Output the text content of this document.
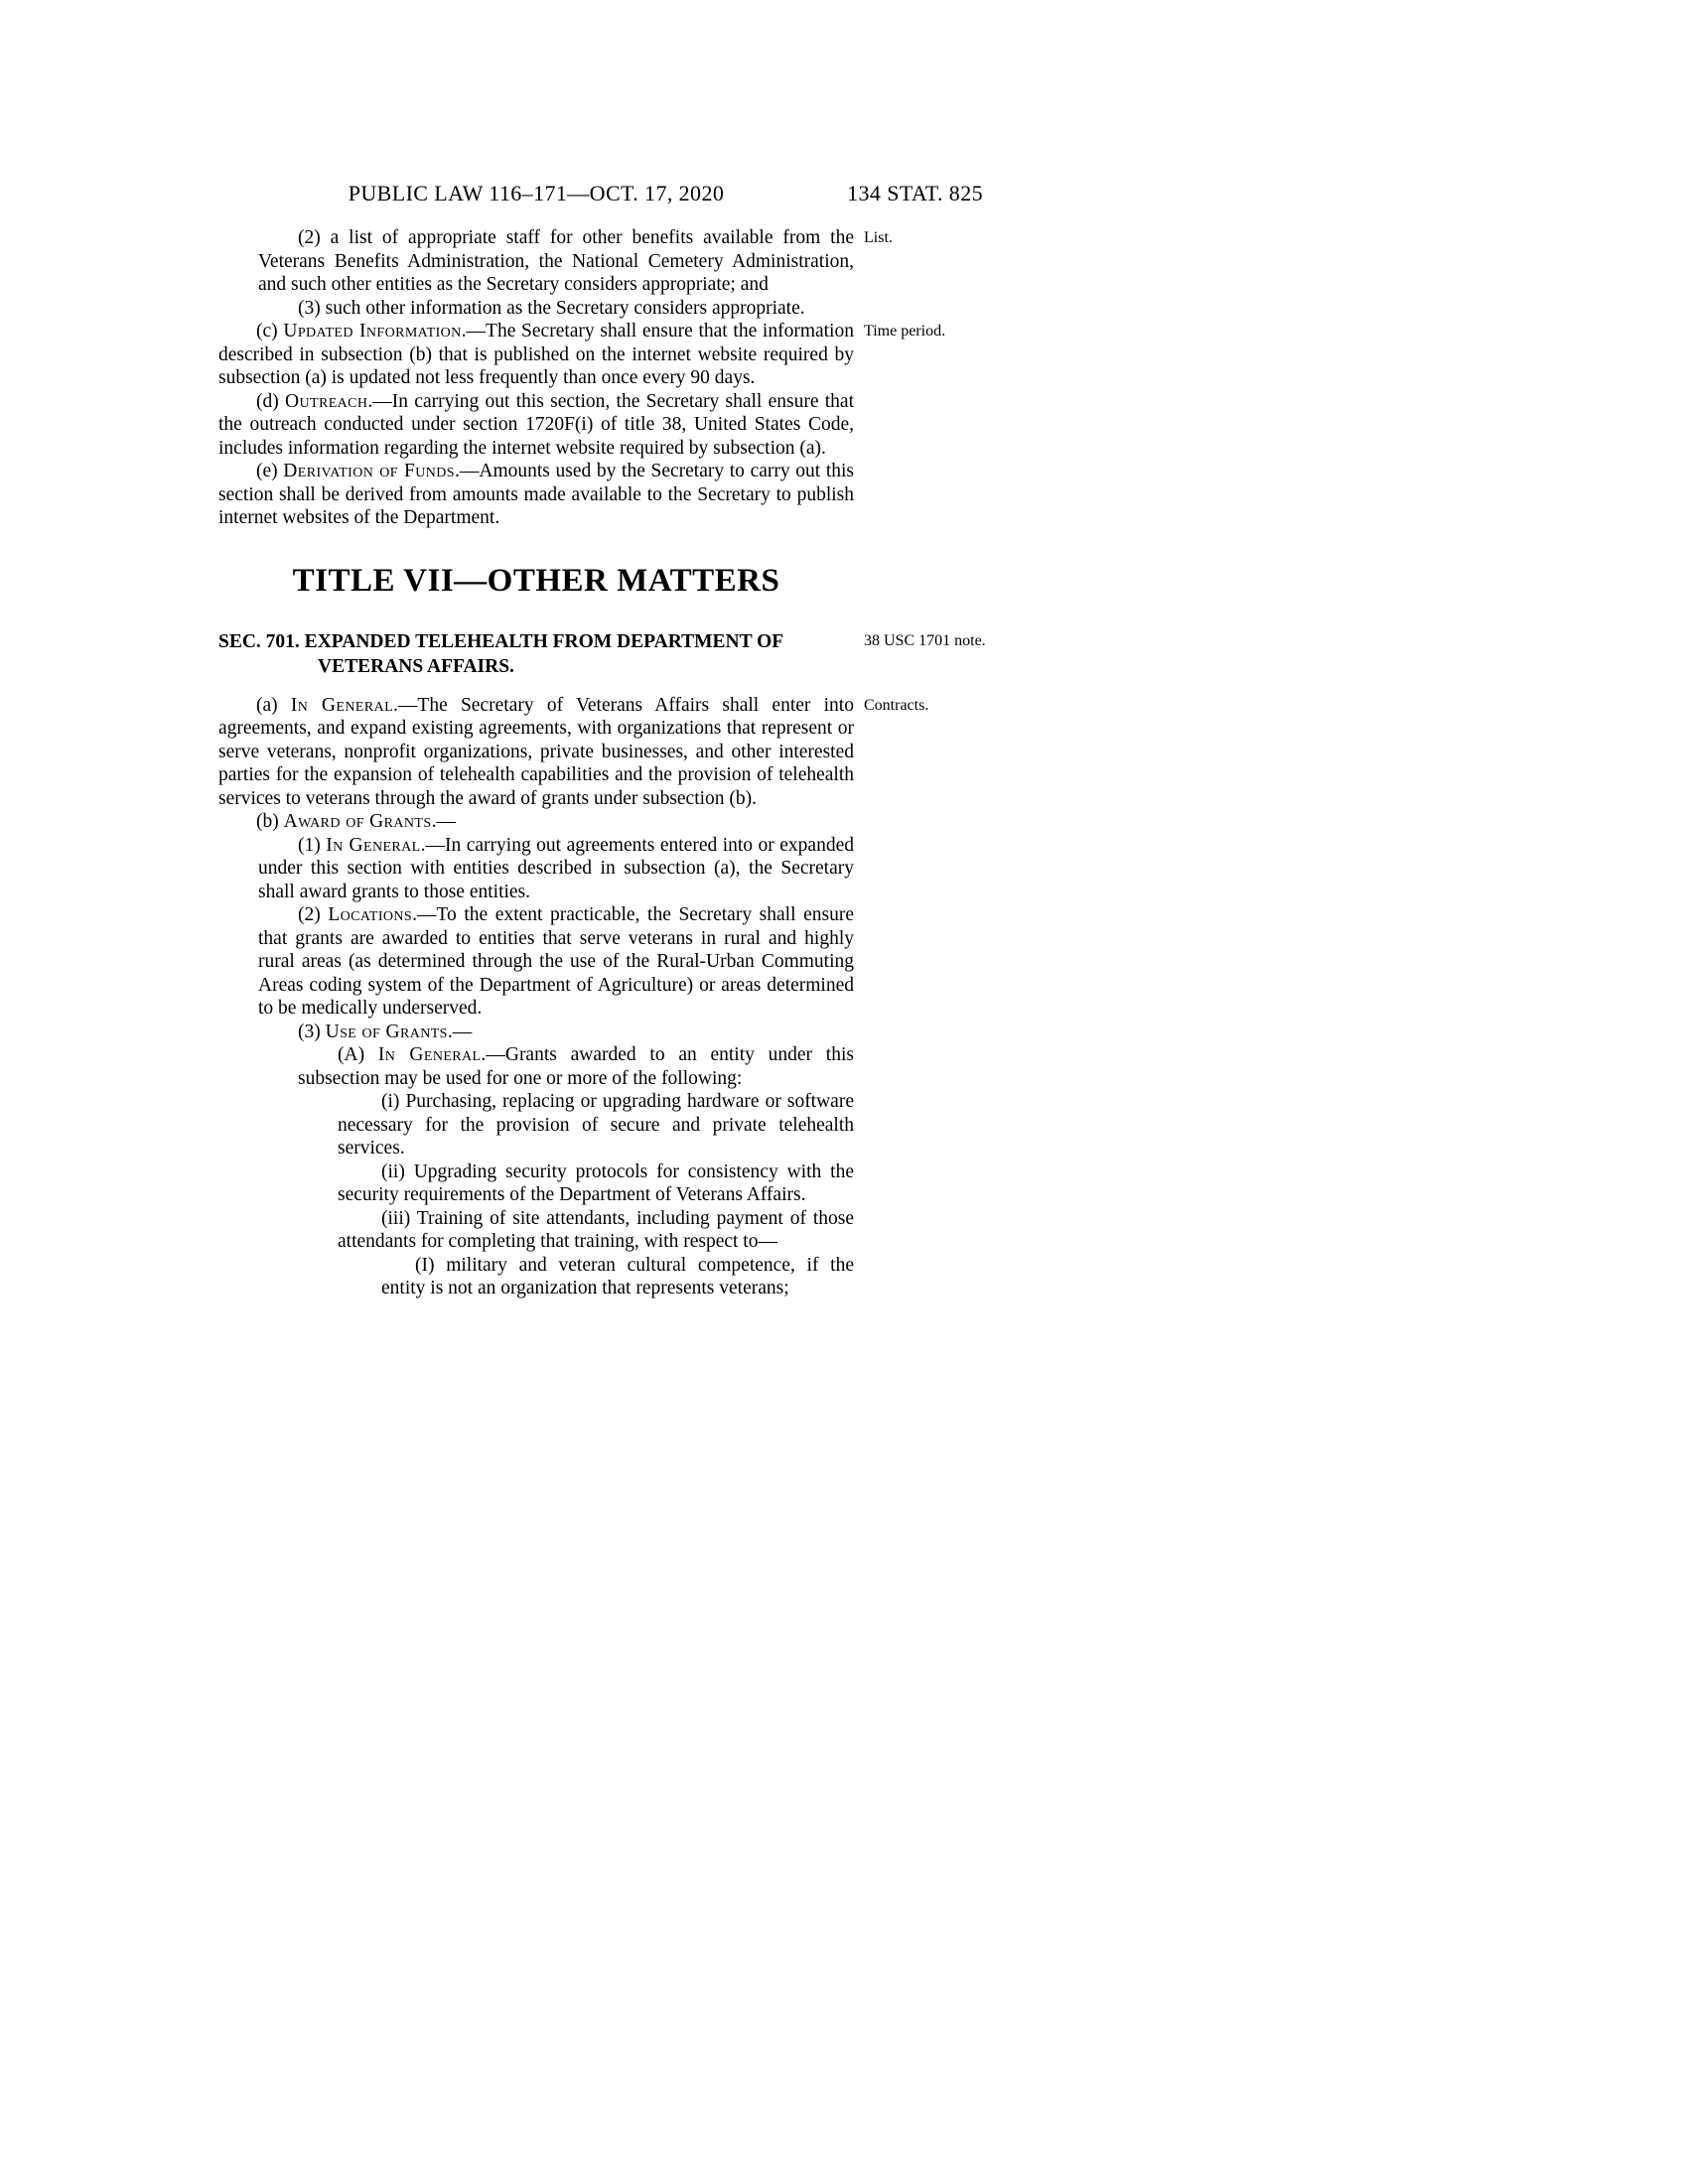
PUBLIC LAW 116–171—OCT. 17, 2020	134 STAT. 825

(2) a list of appropriate staff for other benefits available from the Veterans Benefits Administration, the National Cemetery Administration, and such other entities as the Secretary considers appropriate; and
List.

(3) such other information as the Secretary considers appropriate.

(c) Updated Information.—The Secretary shall ensure that the information described in subsection (b) that is published on the internet website required by subsection (a) is updated not less frequently than once every 90 days.
Time period.

(d) Outreach.—In carrying out this section, the Secretary shall ensure that the outreach conducted under section 1720F(i) of title 38, United States Code, includes information regarding the internet website required by subsection (a).

(e) Derivation of Funds.—Amounts used by the Secretary to carry out this section shall be derived from amounts made available to the Secretary to publish internet websites of the Department.

TITLE VII—OTHER MATTERS
SEC. 701. EXPANDED TELEHEALTH FROM DEPARTMENT OF VETERANS AFFAIRS.
38 USC 1701 note.

(a) In General.—The Secretary of Veterans Affairs shall enter into agreements, and expand existing agreements, with organizations that represent or serve veterans, nonprofit organizations, private businesses, and other interested parties for the expansion of telehealth capabilities and the provision of telehealth services to veterans through the award of grants under subsection (b).
Contracts.

(b) Award of Grants.—

(1) In General.—In carrying out agreements entered into or expanded under this section with entities described in subsection (a), the Secretary shall award grants to those entities.

(2) Locations.—To the extent practicable, the Secretary shall ensure that grants are awarded to entities that serve veterans in rural and highly rural areas (as determined through the use of the Rural-Urban Commuting Areas coding system of the Department of Agriculture) or areas determined to be medically underserved.

(3) Use of Grants.—

(A) In General.—Grants awarded to an entity under this subsection may be used for one or more of the following:

(i) Purchasing, replacing or upgrading hardware or software necessary for the provision of secure and private telehealth services.

(ii) Upgrading security protocols for consistency with the security requirements of the Department of Veterans Affairs.

(iii) Training of site attendants, including payment of those attendants for completing that training, with respect to—

(I) military and veteran cultural competence, if the entity is not an organization that represents veterans;
